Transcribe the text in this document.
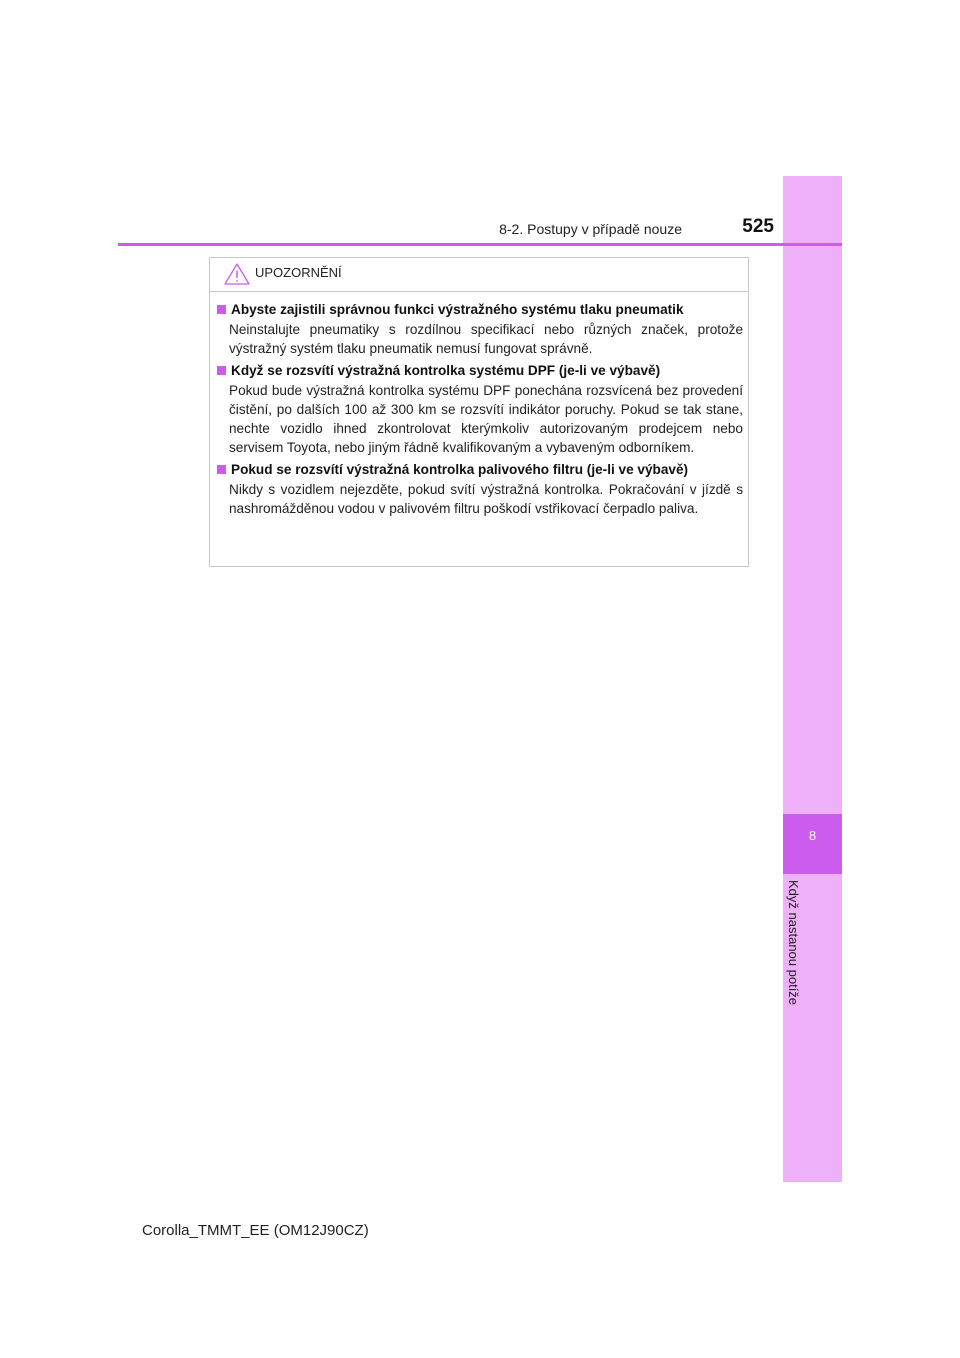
8
Když nastanou potíže
8-2. Postupy v případě nouze	525
UPOZORNĚNÍ
Abyste zajistili správnou funkci výstražného systému tlaku pneumatik
Neinstalujte pneumatiky s rozdílnou specifikací nebo různých značek, protože výstražný systém tlaku pneumatik nemusí fungovat správně.
Když se rozsvítí výstražná kontrolka systému DPF (je-li ve výbavě)
Pokud bude výstražná kontrolka systému DPF ponechána rozsvícená bez provedení čistění, po dalších 100 až 300 km se rozsvítí indikátor poruchy. Pokud se tak stane, nechte vozidlo ihned zkontrolovat kterýmkoliv autorizovaným prodejcem nebo servisem Toyota, nebo jiným řádně kvalifikovaným a vybaveným odborníkem.
Pokud se rozsvítí výstražná kontrolka palivového filtru (je-li ve výbavě)
Nikdy s vozidlem nejezděte, pokud svítí výstražná kontrolka. Pokračování v jízdě s nashromážděnou vodou v palivovém filtru poškodí vstřikovací čerpadlo paliva.
Corolla_TMMT_EE (OM12J90CZ)
